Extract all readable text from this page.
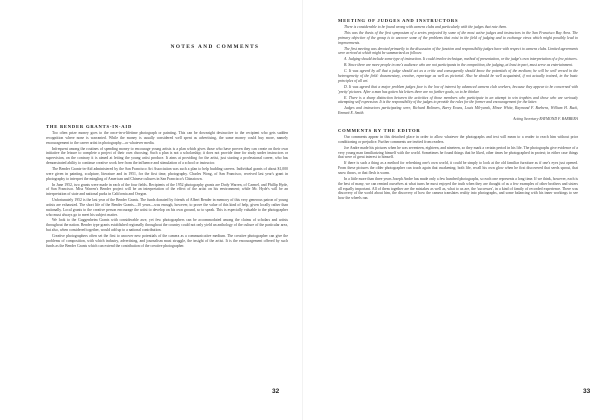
NOTES AND COMMENTS
THE BENDER GRANTS-IN-AID

Too often prize money goes to the once-in-a-lifetime photograph or painting. This can be downright destructive to the recipient who gets sudden recognition where none is warranted. While the money is usually considered well spent as advertising, the same money could buy more, namely encouragement to the career artist in photography—or whatever media.

Infrequent among the routines of spending money to encourage young artists is a plan which gives those who have proven they can create on their own initiative the leisure to complete a project of their own choosing. Such a plan is not a scholarship; it does not provide time for study under instructors or supervision, on the contrary it is aimed at letting the young artist produce. It aims at providing for the artist, just starting a professional career, who has demonstrated ability to continue creative work free from the influence and stimulation of a school or instructor.

The Bender Grants-in-Aid administered by the San Francisco Art Association was such a plan to help budding careers. Individual grants of about $1,000 were given in painting, sculpture, literature and in 1951, for the first time, photography. Charles Wong, of San Francisco, received last year's grant in photography to interpret the mingling of American and Chinese cultures in San Francisco's Chinatown.

In June 1952, two grants were made in each of the four fields. Recipients of the 1952 photography grants are Dody Warren, of Carmel, and Phillip Hyde, of San Francisco. Miss Warren's Bender project will be an interpretation of the effect of the artist on his environment; while Mr. Hyde's will be an interpretation of state and national parks in California and Oregon.

Unfortunately 1952 is the last year of the Bender Grants. The funds donated by friends of Albert Bender in memory of this very generous patron of young artists are exhausted. The short life of the Bender Grants—10 years—was enough, however, to prove the value of this kind of help, given locally rather than nationally. Local grants to the creative person encourage the artist to develop on his own ground, so to speak. This is especially valuable to the photographer who must always go to meet his subject matter.

We look to the Guggenheim Grants with considerable awe, yet few photographers can be accommodated among the claims of scholars and artists throughout the nation. Bender type grants established regionally throughout the country could not only yield an anthology of the culture of the particular area, but also, when considered together, would add up to a national contribution.

Creative photographers often set the first to uncover new potentials of the camera as a communicative medium. The creative photographer can give the problems of composition, with which industry, advertising, and journalism must struggle, the insight of the artist. It is the encouragement offered by such funds as the Bender Grants which can extend the contribution of the creative photographer.

32
MEETING OF JUDGES AND INSTRUCTORS

There is considerable to be found wrong with camera clubs and particularly with the judges that rate them.

This was the thesis of the first symposium of a series projected by some of the most active judges and instructors in the San Francisco Bay Area. The primary objective of the group is to uncover some of the problems that exist in the field of judging and to exchange views which might possibly lead to improvements.

The first meeting was devoted primarily to the discussion of the function and responsibility judges have with respect to camera clubs. Limited agreements were arrived at which might be summarized as follows:

A. Judging should include some type of instruction. It could involve technique, method of presentation, or the judge's own interpretation of a few pictures.

B. Since there are more people in one's audience who are not participants in the competition, the judging, at least in part, must serve as entertainment.

C. It was agreed by all that a judge should act as a critic and consequently should know the potentials of the medium; he will be well versed in the heterogeneity of the field: documentary, creative, reportage as well as pictorial. Also he should be well acquainted, if not actually trained, in the basic principles of all art.

D. It was agreed that a major problem judges face is the low of interest by advanced camera club workers, because they appear to be concerned with 'pretty' pictures. After a man has gotten his letters there are no further goals, so to be thinker.

E. There is a sharp distinction between the activities of those members who participate in an attempt to win trophies and those who are seriously attempting self expression. It is the responsibility of the judges to provide the rules for the former and encouragement for the latter.

Judges and instructors participating were, Richard Bolinves, Barry Evans, Louis Mil-yarak, Minor White, Raymond F. Barbera, William H. Buck, Emmett E. Smith.

Acting Secretary RAYMOND F. BARBERA

COMMENTS BY THE EDITOR

Our comments appear in this detached place in order to allow whatever the photographs and text will mean to a reader to reach him without prior conditioning or prejudice. Further comments are invited from readers.

Joe Andre made his pictures when he was seventeen, eighteen, and nineteen, so they mark a certain period in his life. The photographs give evidence of a very young man familiarizing himself with the world. Sometimes he found things that he liked, other times he photographed in protest; in either case things that were of great interest to himself.

If there is such a thing as a method for refreshing one's own world, it could be simply to look at the old familiar furniture as if one's eyes just opened. From these pictures the older photographer can touch again that awakening; both life, recall his own glow when he first discovered that seeds sprout, that snow thaws, or that flesh is warm.

In a little more than three years Joseph Andre has made only a few hundred photographs, so each one represents a long time. If we think, however, each is the best of many, we can remind ourselves at what turns he most enjoyed the truth when they are thought of as a few examples of other brothers and sisters all equally important. All of them together are the mistakes as well as, what to us are, the 'successes', in a kind of family of recorded experience. There was discovery of the world about him, the discovery of how the camera translates reality into photographs, and some balancing with his inner workings to see how the wheels ran.

33
